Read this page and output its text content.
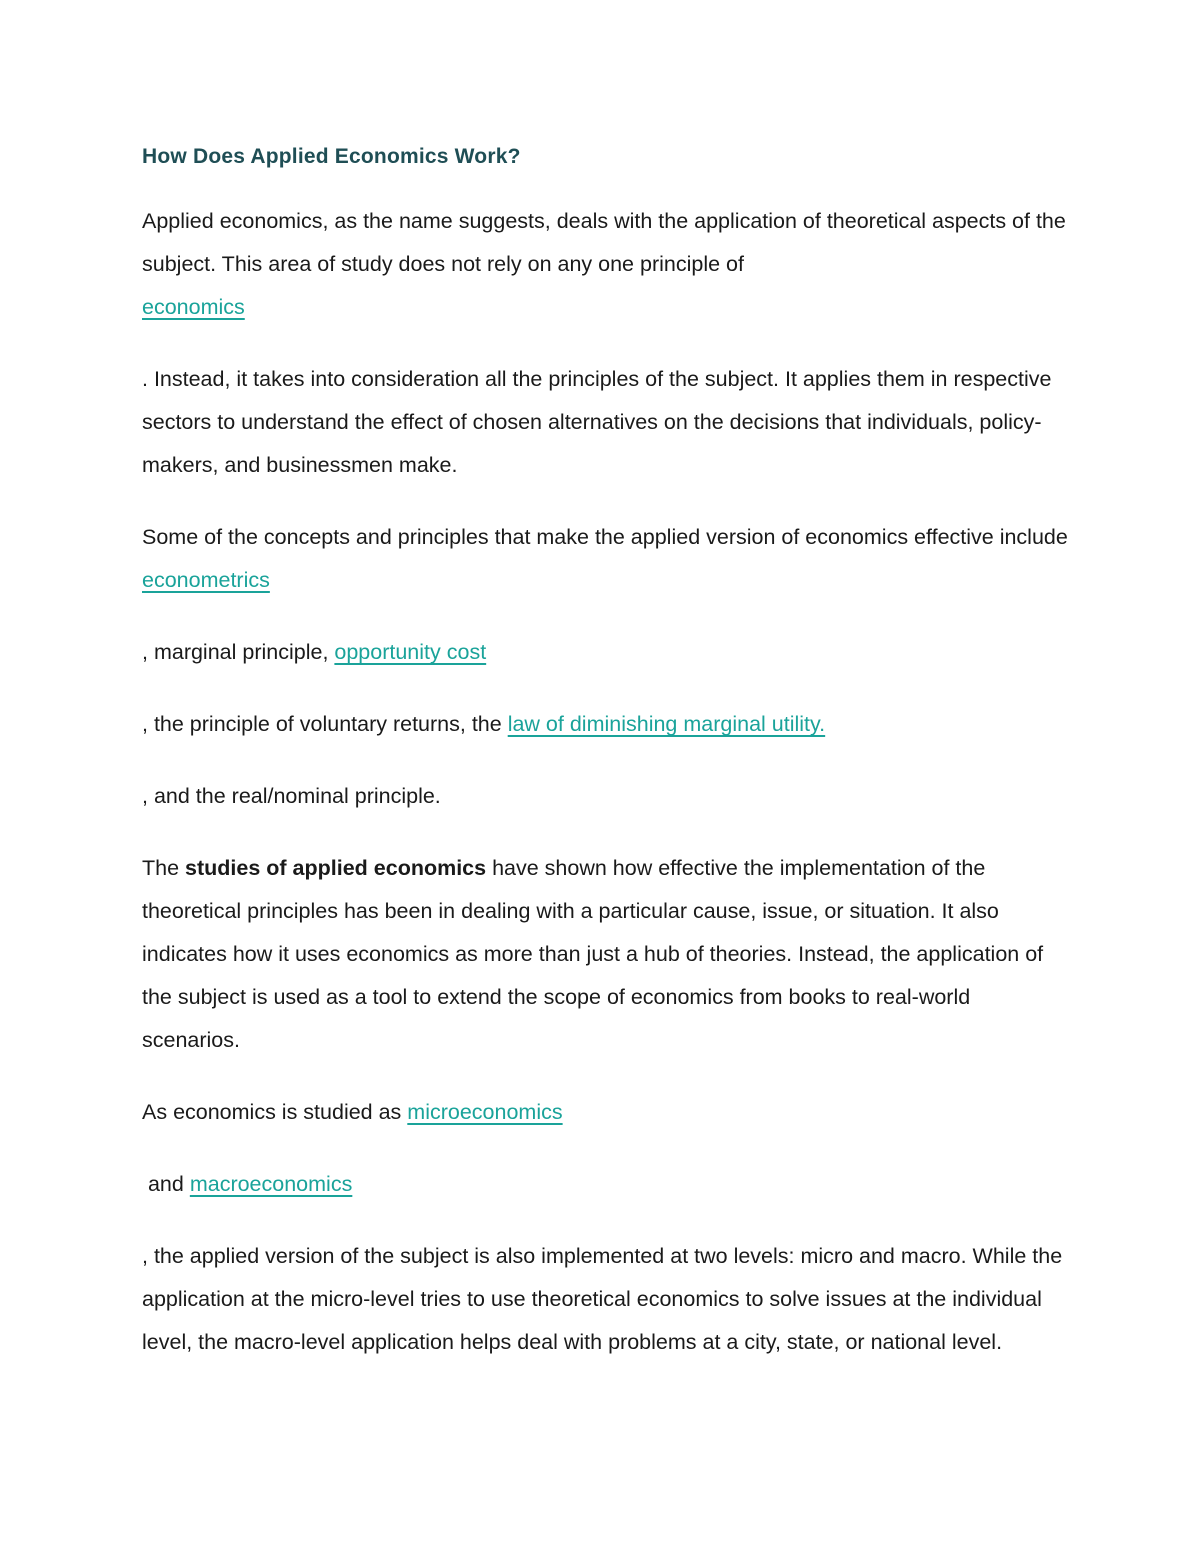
How Does Applied Economics Work?
Applied economics, as the name suggests, deals with the application of theoretical aspects of the subject. This area of study does not rely on any one principle of
economics
. Instead, it takes into consideration all the principles of the subject. It applies them in respective sectors to understand the effect of chosen alternatives on the decisions that individuals, policy-makers, and businessmen make.
Some of the concepts and principles that make the applied version of economics effective include econometrics
, marginal principle, opportunity cost
, the principle of voluntary returns, the law of diminishing marginal utility.
, and the real/nominal principle.
The studies of applied economics have shown how effective the implementation of the theoretical principles has been in dealing with a particular cause, issue, or situation. It also indicates how it uses economics as more than just a hub of theories. Instead, the application of the subject is used as a tool to extend the scope of economics from books to real-world scenarios.
As economics is studied as microeconomics
and macroeconomics
, the applied version of the subject is also implemented at two levels: micro and macro. While the application at the micro-level tries to use theoretical economics to solve issues at the individual level, the macro-level application helps deal with problems at a city, state, or national level.
